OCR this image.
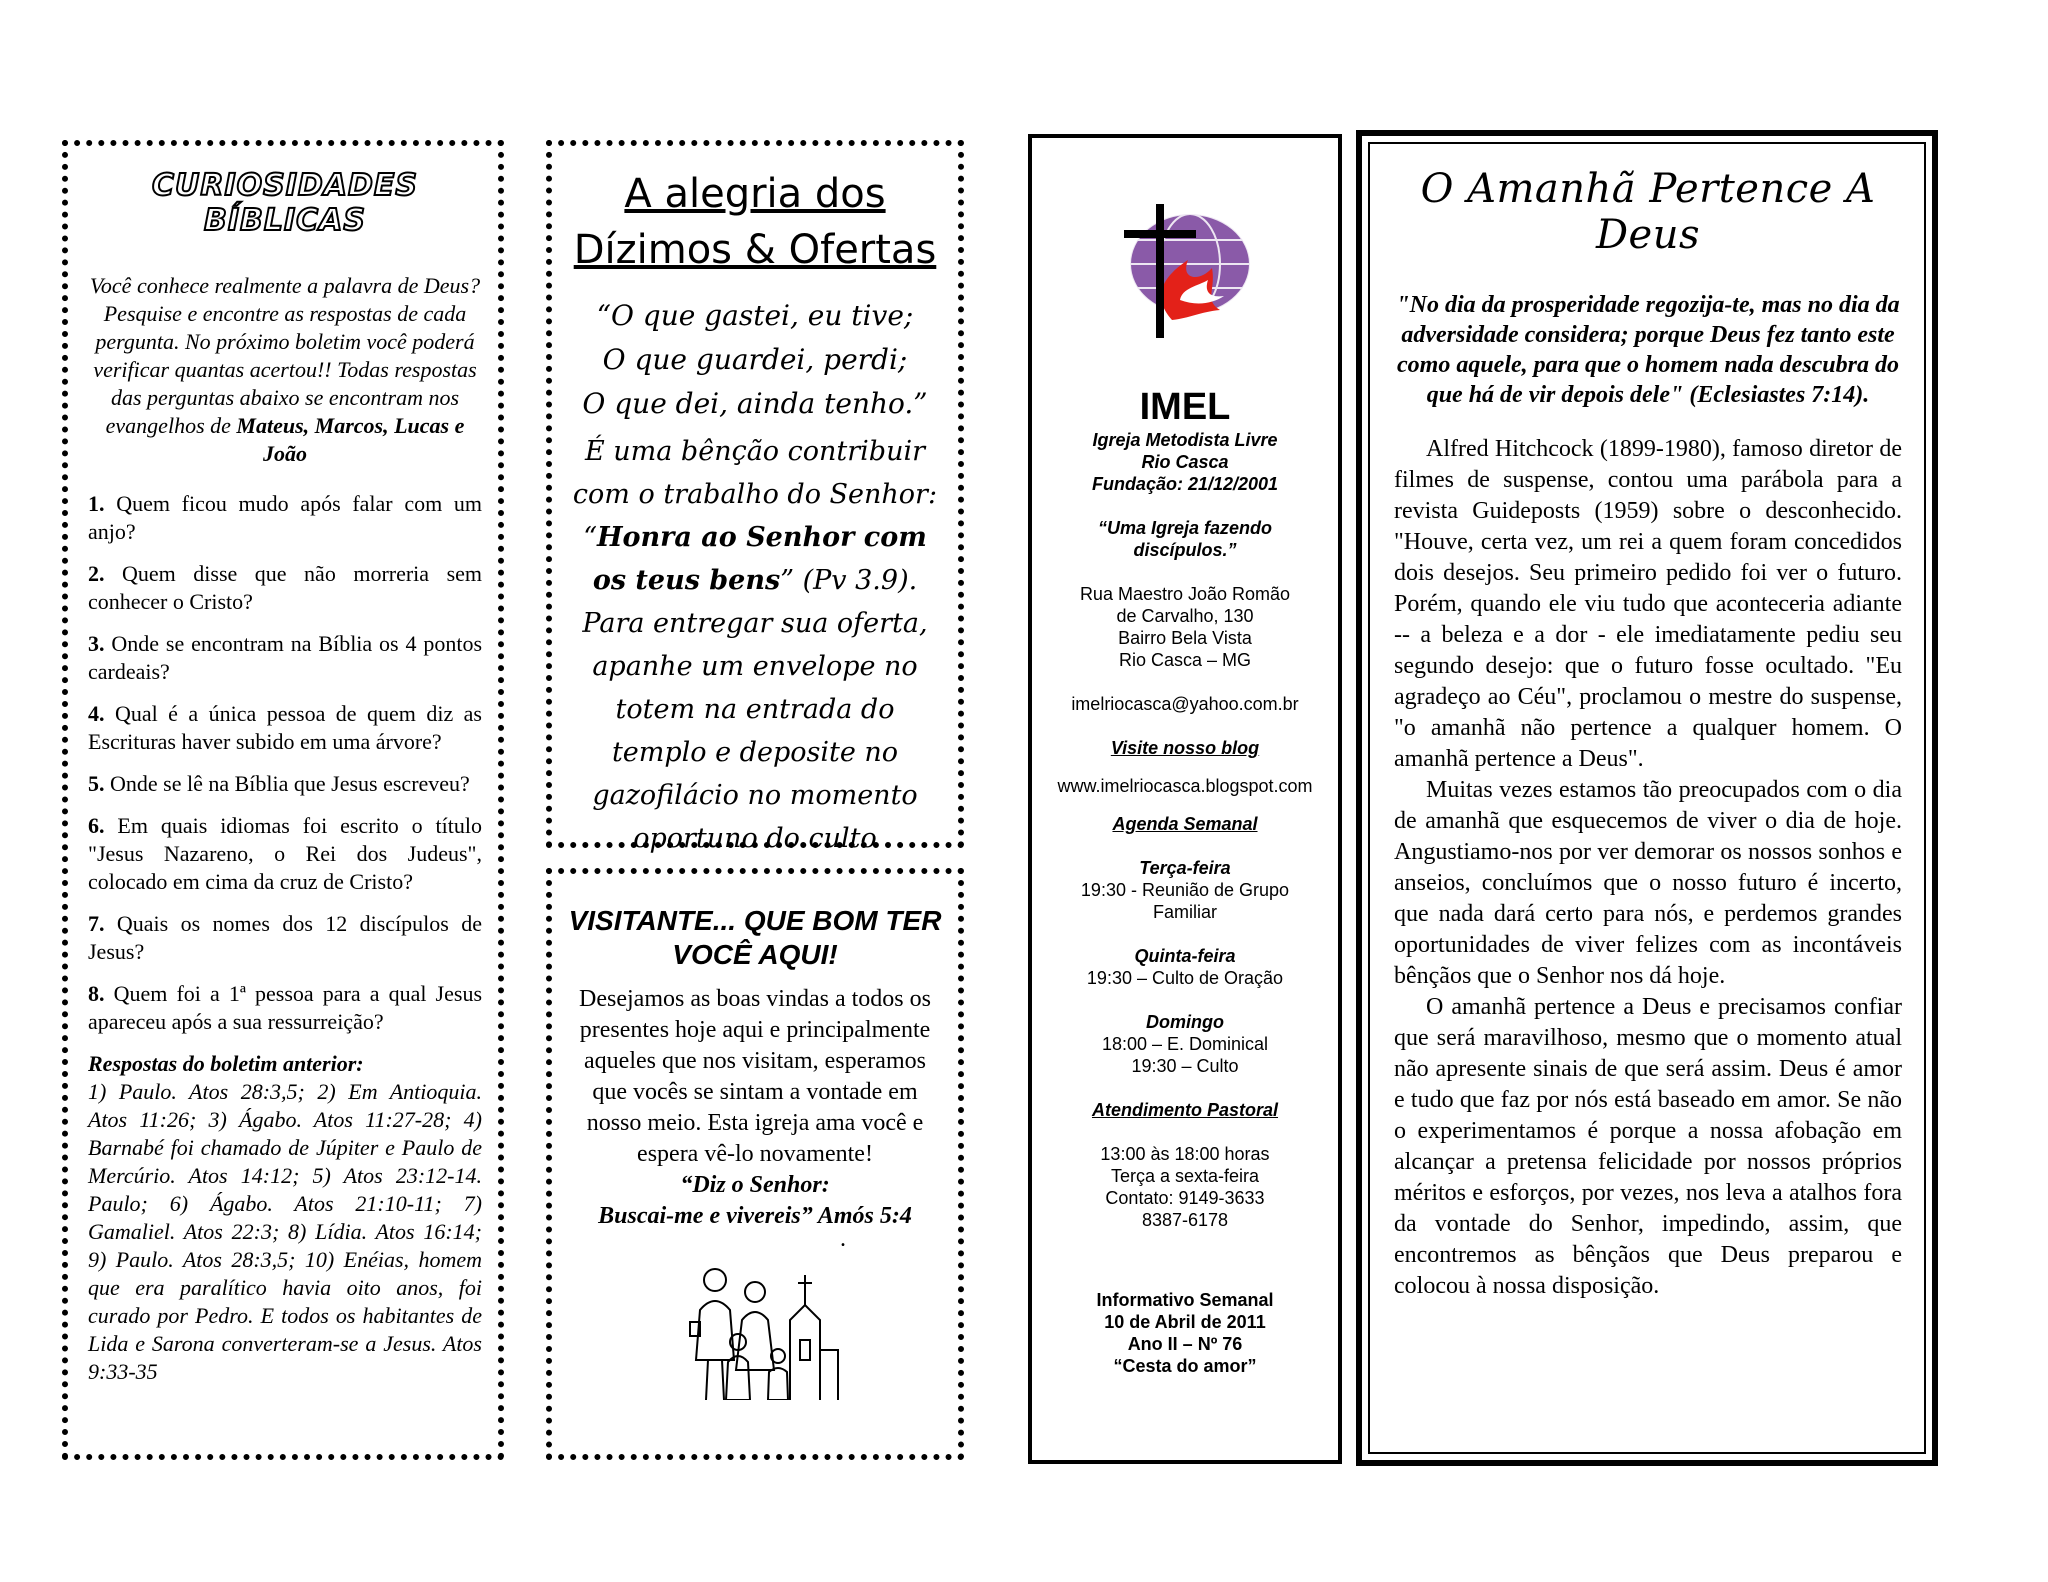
CURIOSIDADES BÍBLICAS
Você conhece realmente a palavra de Deus? Pesquise e encontre as respostas de cada pergunta. No próximo boletim você poderá verificar quantas acertou!! Todas respostas das perguntas abaixo se encontram nos evangelhos de Mateus, Marcos, Lucas e João
1. Quem ficou mudo após falar com um anjo?
2. Quem disse que não morreria sem conhecer o Cristo?
3. Onde se encontram na Bíblia os 4 pontos cardeais?
4. Qual é a única pessoa de quem diz as Escrituras haver subido em uma árvore?
5. Onde se lê na Bíblia que Jesus escreveu?
6. Em quais idiomas foi escrito o título "Jesus Nazareno, o Rei dos Judeus", colocado em cima da cruz de Cristo?
7. Quais os nomes dos 12 discípulos de Jesus?
8. Quem foi a 1ª pessoa para a qual Jesus apareceu após a sua ressurreição?
Respostas do boletim anterior:
1) Paulo. Atos 28:3,5; 2) Em Antioquia. Atos 11:26; 3) Ágabo. Atos 11:27-28; 4) Barnabé foi chamado de Júpiter e Paulo de Mercúrio. Atos 14:12; 5) Atos 23:12-14. Paulo; 6) Ágabo. Atos 21:10-11; 7) Gamaliel. Atos 22:3; 8) Lídia. Atos 16:14; 9) Paulo. Atos 28:3,5; 10) Enéias, homem que era paralítico havia oito anos, foi curado por Pedro. E todos os habitantes de Lida e Sarona converteram-se a Jesus. Atos 9:33-35
A alegria dos
Dízimos & Ofertas
“O que gastei, eu tive;
O que guardei, perdi;
O que dei, ainda tenho.”
É uma bênção contribuir com o trabalho do Senhor: “Honra ao Senhor com os teus bens” (Pv 3.9).
Para entregar sua oferta, apanhe um envelope no totem na entrada do templo e deposite no gazofilácio no momento oportuno do culto
VISITANTE... QUE BOM TER VOCÊ AQUI!
Desejamos as boas vindas a todos os presentes hoje aqui e principalmente aqueles que nos visitam, esperamos que vocês se sintam a vontade em nosso meio. Esta igreja ama você e espera vê-lo novamente!
“Diz o Senhor:
Buscai-me e vivereis” Amós 5:4
.
IMEL
Igreja Metodista Livre
Rio Casca
Fundação: 21/12/2001
“Uma Igreja fazendo discípulos.”
Rua Maestro João Romão
de Carvalho, 130
Bairro Bela Vista
Rio Casca – MG
imelriocasca@yahoo.com.br
Visite nosso blog
www.imelriocasca.blogspot.com
Agenda Semanal
Terça-feira
19:30 - Reunião de Grupo
Familiar
Quinta-feira
19:30 – Culto de Oração
Domingo
18:00 – E. Dominical
19:30 – Culto
Atendimento Pastoral
13:00 às 18:00 horas
Terça a sexta-feira
Contato: 9149-3633
8387-6178
Informativo Semanal
10 de Abril de 2011
Ano II – Nº 76
“Cesta do amor”
O Amanhã Pertence A Deus
"No dia da prosperidade regozija-te, mas no dia da adversidade considera; porque Deus fez tanto este como aquele, para que o homem nada descubra do que há de vir depois dele" (Eclesiastes 7:14).

Alfred Hitchcock (1899-1980), famoso diretor de filmes de suspense, contou uma parábola para a revista Guideposts (1959) sobre o desconhecido. "Houve, certa vez, um rei a quem foram concedidos dois desejos. Seu primeiro pedido foi ver o futuro. Porém, quando ele viu tudo que aconteceria adiante -- a beleza e a dor - ele imediatamente pediu seu segundo desejo: que o futuro fosse ocultado. "Eu agradeço ao Céu", proclamou o mestre do suspense, "o amanhã não pertence a qualquer homem. O amanhã pertence a Deus".

Muitas vezes estamos tão preocupados com o dia de amanhã que esquecemos de viver o dia de hoje. Angustiamo-nos por ver demorar os nossos sonhos e anseios, concluímos que o nosso futuro é incerto, que nada dará certo para nós, e perdemos grandes oportunidades de viver felizes com as incontáveis bênçãos que o Senhor nos dá hoje.

O amanhã pertence a Deus e precisamos confiar que será maravilhoso, mesmo que o momento atual não apresente sinais de que será assim. Deus é amor e tudo que faz por nós está baseado em amor. Se não o experimentamos é porque a nossa afobação em alcançar a pretensa felicidade por nossos próprios méritos e esforços, por vezes, nos leva a atalhos fora da vontade do Senhor, impedindo, assim, que encontremos as bênçãos que Deus preparou e colocou à nossa disposição.
